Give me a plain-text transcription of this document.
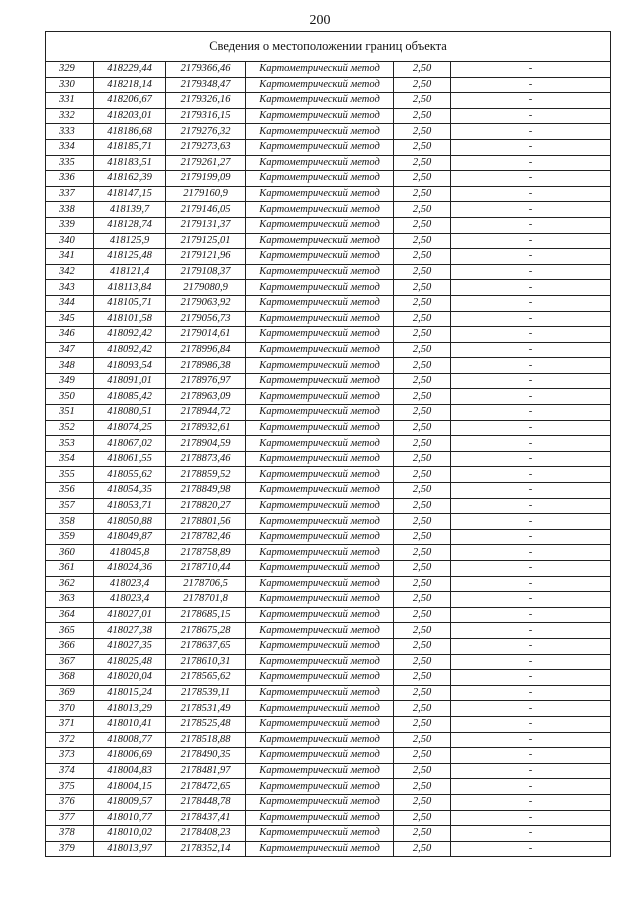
200
Сведения о местоположении границ объекта					
329	418229,44	2179366,46	Картометрический метод	2,50	-
330	418218,14	2179348,47	Картометрический метод	2,50	-
331	418206,67	2179326,16	Картометрический метод	2,50	-
332	418203,01	2179316,15	Картометрический метод	2,50	-
333	418186,68	2179276,32	Картометрический метод	2,50	-
334	418185,71	2179273,63	Картометрический метод	2,50	-
335	418183,51	2179261,27	Картометрический метод	2,50	-
336	418162,39	2179199,09	Картометрический метод	2,50	-
337	418147,15	2179160,9	Картометрический метод	2,50	-
338	418139,7	2179146,05	Картометрический метод	2,50	-
339	418128,74	2179131,37	Картометрический метод	2,50	-
340	418125,9	2179125,01	Картометрический метод	2,50	-
341	418125,48	2179121,96	Картометрический метод	2,50	-
342	418121,4	2179108,37	Картометрический метод	2,50	-
343	418113,84	2179080,9	Картометрический метод	2,50	-
344	418105,71	2179063,92	Картометрический метод	2,50	-
345	418101,58	2179056,73	Картометрический метод	2,50	-
346	418092,42	2179014,61	Картометрический метод	2,50	-
347	418092,42	2178996,84	Картометрический метод	2,50	-
348	418093,54	2178986,38	Картометрический метод	2,50	-
349	418091,01	2178976,97	Картометрический метод	2,50	-
350	418085,42	2178963,09	Картометрический метод	2,50	-
351	418080,51	2178944,72	Картометрический метод	2,50	-
352	418074,25	2178932,61	Картометрический метод	2,50	-
353	418067,02	2178904,59	Картометрический метод	2,50	-
354	418061,55	2178873,46	Картометрический метод	2,50	-
355	418055,62	2178859,52	Картометрический метод	2,50	-
356	418054,35	2178849,98	Картометрический метод	2,50	-
357	418053,71	2178820,27	Картометрический метод	2,50	-
358	418050,88	2178801,56	Картометрический метод	2,50	-
359	418049,87	2178782,46	Картометрический метод	2,50	-
360	418045,8	2178758,89	Картометрический метод	2,50	-
361	418024,36	2178710,44	Картометрический метод	2,50	-
362	418023,4	2178706,5	Картометрический метод	2,50	-
363	418023,4	2178701,8	Картометрический метод	2,50	-
364	418027,01	2178685,15	Картометрический метод	2,50	-
365	418027,38	2178675,28	Картометрический метод	2,50	-
366	418027,35	2178637,65	Картометрический метод	2,50	-
367	418025,48	2178610,31	Картометрический метод	2,50	-
368	418020,04	2178565,62	Картометрический метод	2,50	-
369	418015,24	2178539,11	Картометрический метод	2,50	-
370	418013,29	2178531,49	Картометрический метод	2,50	-
371	418010,41	2178525,48	Картометрический метод	2,50	-
372	418008,77	2178518,88	Картометрический метод	2,50	-
373	418006,69	2178490,35	Картометрический метод	2,50	-
374	418004,83	2178481,97	Картометрический метод	2,50	-
375	418004,15	2178472,65	Картометрический метод	2,50	-
376	418009,57	2178448,78	Картометрический метод	2,50	-
377	418010,77	2178437,41	Картометрический метод	2,50	-
378	418010,02	2178408,23	Картометрический метод	2,50	-
379	418013,97	2178352,14	Картометрический метод	2,50	-
